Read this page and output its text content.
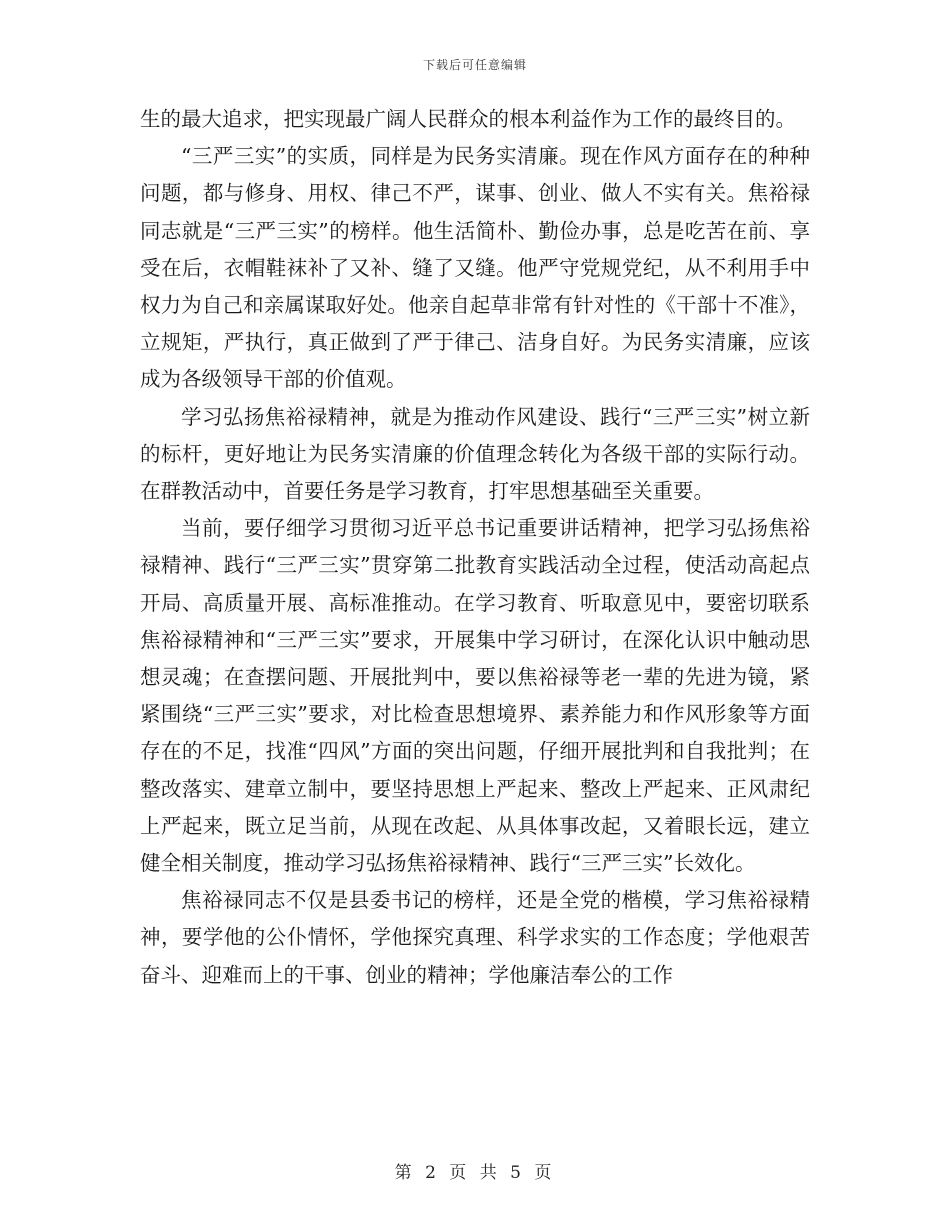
下载后可任意编辑

生的最大追求，把实现最广阔人民群众的根本利益作为工作的最终目的。

“三严三实”的实质，同样是为民务实清廉。现在作风方面存在的种种问题，都与修身、用权、律己不严，谋事、创业、做人不实有关。焦裕禄同志就是“三严三实”的榜样。他生活简朴、勤俭办事，总是吃苦在前、享受在后，衣帽鞋袜补了又补、缝了又缝。他严守党规党纪，从不利用手中权力为自己和亲属谋取好处。他亲自起草非常有针对性的《干部十不准》，立规矩，严执行，真正做到了严于律己、洁身自好。为民务实清廉，应该成为各级领导干部的价值观。

学习弘扬焦裕禄精神，就是为推动作风建设、践行“三严三实”树立新的标杆，更好地让为民务实清廉的价值理念转化为各级干部的实际行动。在群教活动中，首要任务是学习教育，打牢思想基础至关重要。

当前，要仔细学习贯彻习近平总书记重要讲话精神，把学习弘扬焦裕禄精神、践行“三严三实”贯穿第二批教育实践活动全过程，使活动高起点开局、高质量开展、高标准推动。在学习教育、听取意见中，要密切联系焦裕禄精神和“三严三实”要求，开展集中学习研讨，在深化认识中触动思想灵魂；在查摆问题、开展批判中，要以焦裕禄等老一辈的先进为镜，紧紧围绕“三严三实”要求，对比检查思想境界、素养能力和作风形象等方面存在的不足，找准“四风”方面的突出问题，仔细开展批判和自我批判；在整改落实、建章立制中，要坚持思想上严起来、整改上严起来、正风肃纪上严起来，既立足当前，从现在改起、从具体事改起，又着眼长远，建立健全相关制度，推动学习弘扬焦裕禄精神、践行“三严三实”长效化。

焦裕禄同志不仅是县委书记的榜样，还是全党的楷模，学习焦裕禄精神，要学他的公仆情怀，学他探究真理、科学求实的工作态度；学他艰苦奋斗、迎难而上的干事、创业的精神；学他廉洁奉公的工作

第 2 页 共 5 页
